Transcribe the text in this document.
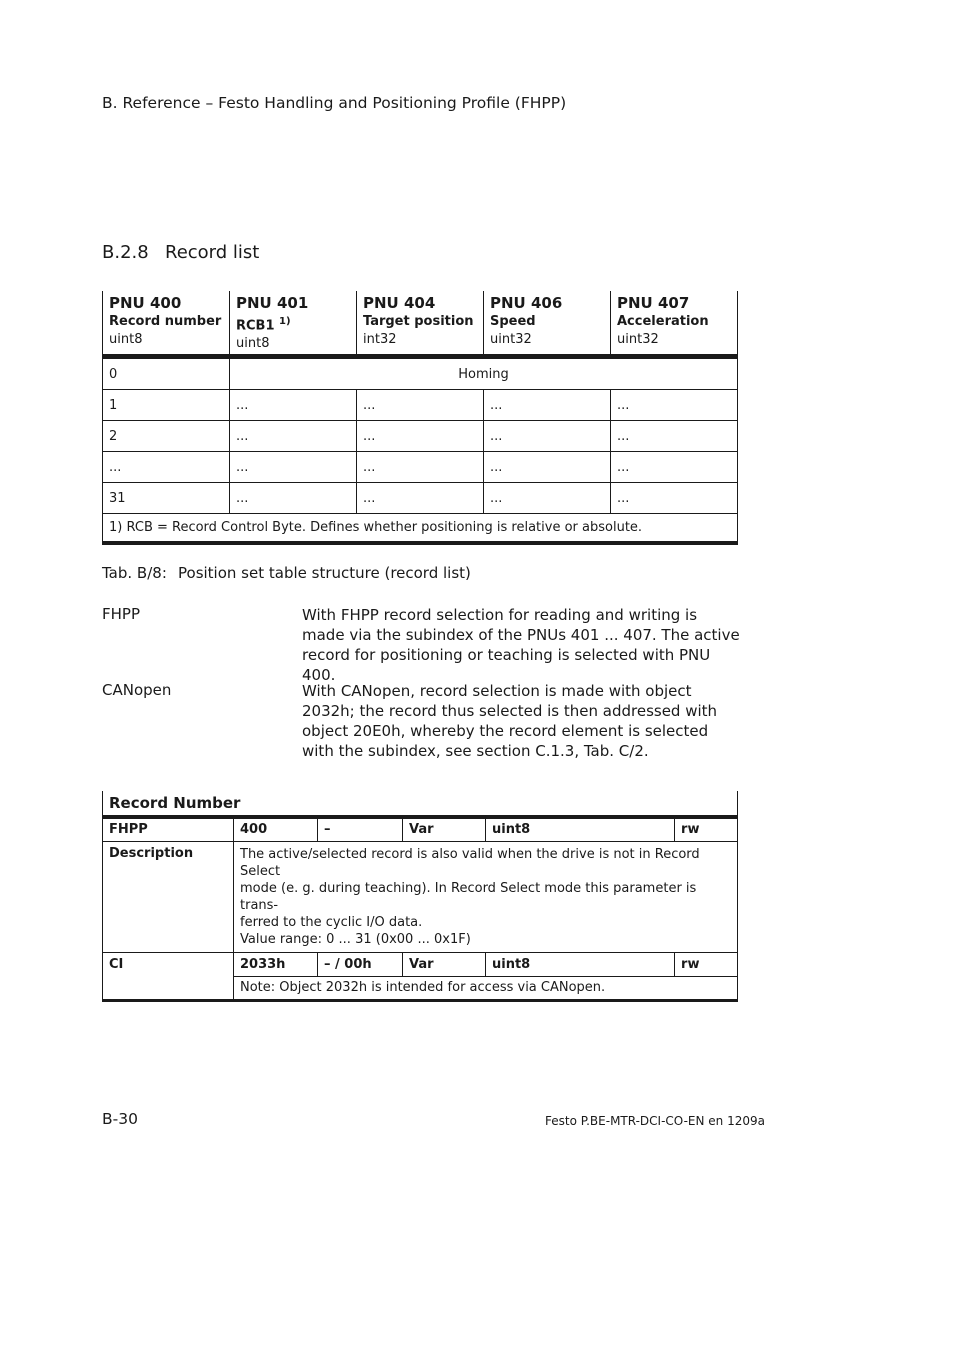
B. Reference – Festo Handling and Positioning Profile (FHPP)
B.2.8 Record list
PNU 400
Record number
uint8	PNU 401
RCB1 $^{1)}$
uint8	PNU 404
Target position
int32	PNU 406
Speed
uint32	PNU 407
Acceleration
uint32

0	Homing			
1	...	...	...	...
2	...	...	...	...
...	...	...	...	...
31	...	...	...	...
1) RCB = Record Control Byte. Defines whether positioning is relative or absolute.				
Tab. B/8: Position set table structure (record list)
FHPP	With FHPP record selection for reading and writing is made via the subindex of the PNUs 401 ... 407. The active record for positioning or teaching is selected with PNU 400.
CANopen	With CANopen, record selection is made with object 2032h; the record thus selected is then addressed with object 20E0h, whereby the record element is selected with the subindex, see section C.1.3, Tab. C/2.
Record Number					
FHPP	400	–	Var	uint8	rw
Description	The active/selected record is also valid when the drive is not in Record Select
mode (e. g. during teaching). In Record Select mode this parameter is trans-
ferred to the cyclic I/O data.
Value range: 0 ... 31 (0x00 ... 0x1F)				

CI	2033h	– / 00h	Var	uint8	rw
	Note: Object 2032h is intended for access via CANopen.				
B-30	Festo P.BE-MTR-DCI-CO-EN en 1209a
